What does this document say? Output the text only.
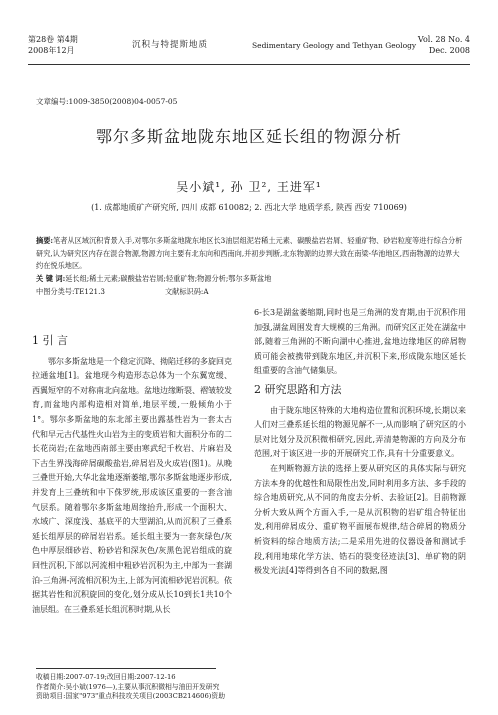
第28卷 第4期
2008年12月
沉积与特提斯地质	Sedimentary Geology and Tethyan Geology
Vol. 28 No. 4
Dec. 2008
文章编号:1009-3850(2008)04-0057-05
鄂尔多斯盆地陇东地区延长组的物源分析
吴小斌¹, 孙 卫², 王进军¹
(1. 成都地质矿产研究所, 四川 成都 610082; 2. 西北大学 地质学系, 陕西 西安 710069)

摘要:笔者从区域沉积背景入手,对鄂尔多斯盆地陇东地区长3油层组泥岩稀土元素、碳酸盐岩岩屑、轻重矿物、砂岩粒度等进行综合分析研究,认为研究区内存在混合物源,物源方向主要有北东向和西南向,并初步判断,北东物源的边界大致在南梁-华池地区,西南物源的边界大约在悦乐地区。

关 键 词:延长组;稀土元素;碳酸盐岩岩屑;轻重矿物;物源分析;鄂尔多斯盆地
中图分类号:TE121.3	文献标识码:A
1 引 言

鄂尔多斯盆地是一个稳定沉降、拗陷迁移的多旋回克拉通盆地[1]。盆地现今构造形态总体为一个东翼宽缓、西翼短窄的不对称南北向盆地。盆地边缘断裂、褶皱较发育,而盆地内部构造相对简单,地层平缓,一般倾角小于1°。鄂尔多斯盆地的东北部主要出露基性岩为一套太古代和早元古代基性火山岩为主的变质岩和大面积分布的二长花岗岩;在盆地西南部主要由寒武纪千枚岩、片麻岩及下古生界浅海碎屑碳酸盐岩,碎屑岩及火成岩(图1)。从晚三叠世开始,大华北盆地逐渐萎缩,鄂尔多斯盆地逐步形成,并发育上三叠统和中下侏罗统,形成该区重要的一套含油气层系。随着鄂尔多斯盆地周缘抬升,形成一个面积大、水域广、深度浅、基底平的大型湖泊,从而沉积了三叠系延长组厚层的碎屑岩岩系。延长组主要为一套灰绿色/灰色中厚层细砂岩、粉砂岩和深灰色/灰黑色泥岩组成的旋回性沉积,下部以河流相中粗砂岩沉积为主,中部为一套湖泊-三角洲-河流相沉积为主,上部为河流相砂泥岩沉积。依据其岩性和沉积旋回的变化,划分成从长10到长1共10个油层组。在三叠系延长组沉积时期,从长

6-长3是湖盆萎缩期,同时也是三角洲的发育期,由于沉积作用加强,湖盆周围发育大规模的三角洲。而研究区正处在湖盆中部,随着三角洲的不断向湖中心推进,盆地边缘地区的碎屑物质可能会被携带到陇东地区,并沉积下来,形成陇东地区延长组重要的含油气储集层。

2 研究思路和方法

由于陇东地区特殊的大地构造位置和沉积环境,长期以来人们对三叠系延长组的物源见解不一,从而影响了研究区的小层对比划分及沉积微相研究,因此,弄清楚物源的方向及分布范围,对于该区进一步的开展研究工作,具有十分重要意义。

在判断物源方法的选择上要从研究区的具体实际与研究方法本身的优越性和局限性出发,同时利用多方法、多手段的综合地质研究,从不同的角度去分析、去验证[2]。目前物源分析大致从两个方面入手,一是从沉积物的岩矿组合特征出发,利用碎屑成分、重矿物平面展布规律,结合碎屑的物质分析资料的综合地质方法;二是采用先进的仪器设备和测试手段,利用地球化学方法、锆石的裂变径迹法[3]、单矿物的阴极发光法[4]等得到各自不同的数据,图

收稿日期:2007-07-19;改回日期:2007-12-16

作者简介:吴小斌(1976—),主要从事沉积微相与油田开发研究

资助项目:国家"973"重点科技攻关项目(2003CB214606)资助
